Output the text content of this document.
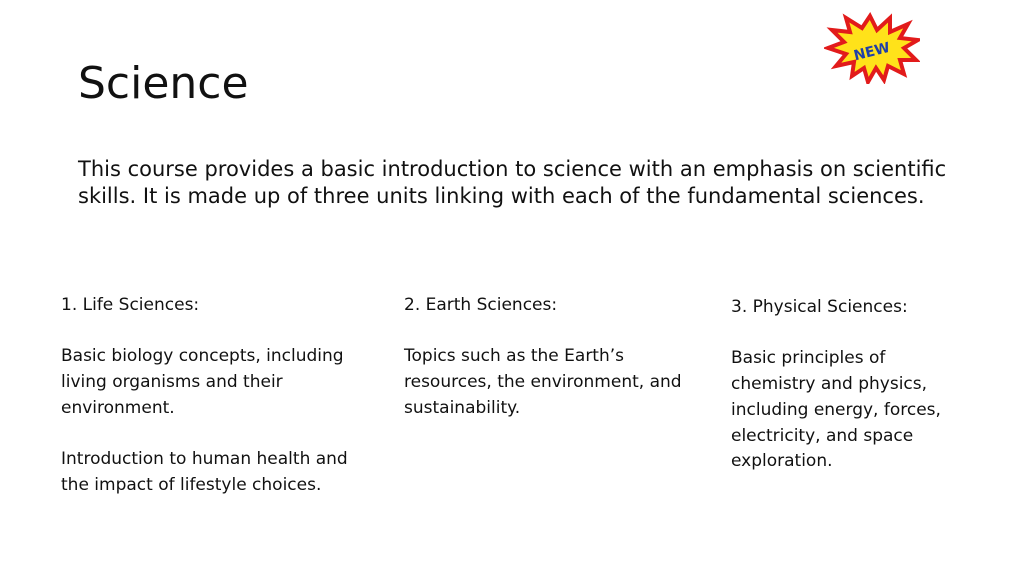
NEW
Science

This course provides a basic introduction to science with an emphasis on scientific skills. It is made up of three units linking with each of the fundamental sciences.

1. Life Sciences:

Basic biology concepts, including living organisms and their environment.

Introduction to human health and the impact of lifestyle choices.

2. Earth Sciences:

Topics such as the Earth’s resources, the environment, and sustainability.

3. Physical Sciences:

Basic principles of chemistry and physics, including energy, forces, electricity, and space exploration.
